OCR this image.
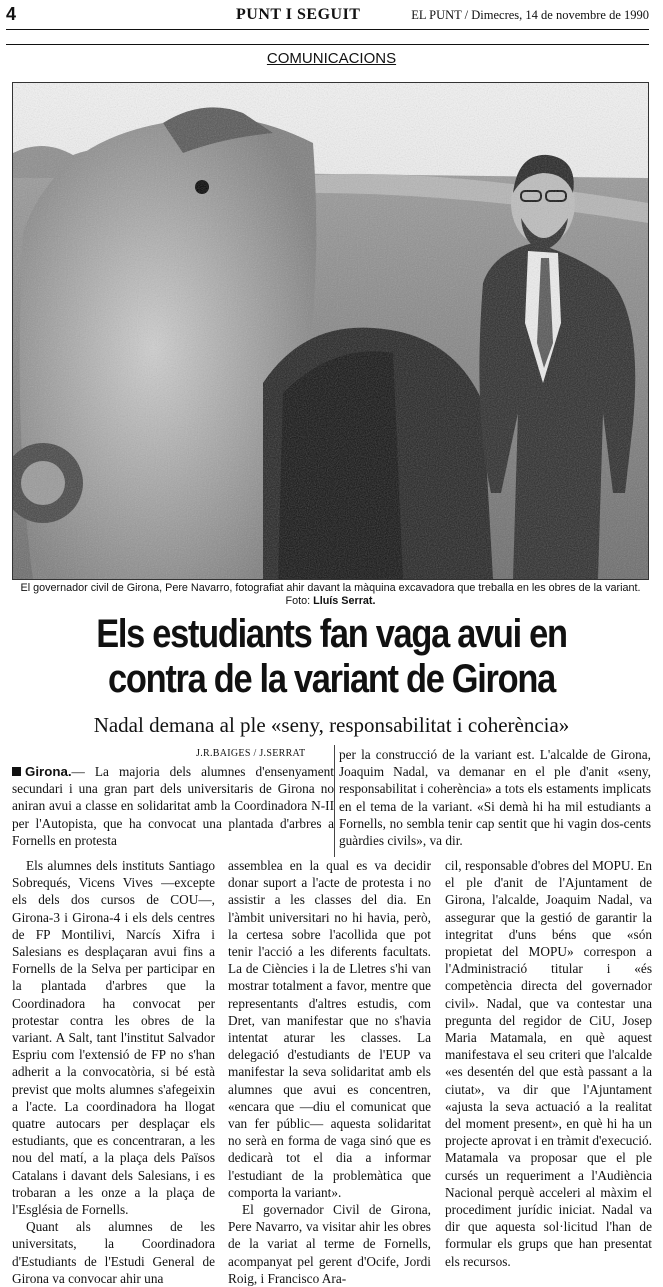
4	PUNT I SEGUIT	EL PUNT / Dimecres, 14 de novembre de 1990
COMUNICACIONS
El governador civil de Girona, Pere Navarro, fotografiat ahir davant la màquina excavadora que treballa en les obres de la variant. Foto: Lluís Serrat.
Els estudiants fan vaga avui en
contra de la variant de Girona
Nadal demana al ple «seny, responsabilitat i coherència»
J.R.BAIGES / J.SERRAT

Girona.— La majoria dels alumnes d'ensenyament secundari i una gran part dels universitaris de Girona no aniran avui a classe en solidaritat amb la Coordinadora N-II per l'Autopista, que ha convocat una plantada d'arbres a Fornells en protesta

per la construcció de la variant est. L'alcalde de Girona, Joaquim Nadal, va demanar en el ple d'anit «seny, responsabilitat i coherència» a tots els estaments implicats en el tema de la variant. «Si demà hi ha mil estudiants a Fornells, no sembla tenir cap sentit que hi vagin dos-cents guàrdies civils», va dir.

Els alumnes dels instituts Santiago Sobrequés, Vicens Vives —excepte els dels dos cursos de COU—, Girona-3 i Girona-4 i els dels centres de FP Montilivi, Narcís Xifra i Salesians es desplaçaran avui fins a Fornells de la Selva per participar en la plantada d'arbres que la Coordinadora ha convocat per protestar contra les obres de la variant. A Salt, tant l'institut Salvador Espriu com l'extensió de FP no s'han adherit a la convocatòria, si bé està previst que molts alumnes s'afegeixin a l'acte. La coordinadora ha llogat quatre autocars per desplaçar els estudiants, que es concentraran, a les nou del matí, a la plaça dels Països Catalans i davant dels Salesians, i es trobaran a les onze a la plaça de l'Església de Fornells.

Quant als alumnes de les universitats, la Coordinadora d'Estudiants de l'Estudi General de Girona va convocar ahir una

assemblea en la qual es va decidir donar suport a l'acte de protesta i no assistir a les classes del dia. En l'àmbit universitari no hi havia, però, la certesa sobre l'acollida que pot tenir l'acció a les diferents facultats. La de Ciències i la de Lletres s'hi van mostrar totalment a favor, mentre que representants d'altres estudis, com Dret, van manifestar que no s'havia intentat aturar les classes. La delegació d'estudiants de l'EUP va manifestar la seva solidaritat amb els alumnes que avui es concentren, «encara que —diu el comunicat que van fer públic— aquesta solidaritat no serà en forma de vaga sinó que es dedicarà tot el dia a informar l'estudiant de la problemàtica que comporta la variant».

El governador Civil de Girona, Pere Navarro, va visitar ahir les obres de la variat al terme de Fornells, acompanyat pel gerent d'Ocife, Jordi Roig, i Francisco Ara-

cil, responsable d'obres del MOPU. En el ple d'anit de l'Ajuntament de Girona, l'alcalde, Joaquim Nadal, va assegurar que la gestió de garantir la integritat d'uns béns que «són propietat del MOPU» correspon a l'Administració titular i «és competència directa del governador civil». Nadal, que va contestar una pregunta del regidor de CiU, Josep Maria Matamala, en què aquest manifestava el seu criteri que l'alcalde «es desentén del que està passant a la ciutat», va dir que l'Ajuntament «ajusta la seva actuació a la realitat del moment present», en què hi ha un projecte aprovat i en tràmit d'execució. Matamala va proposar que el ple cursés un requeriment a l'Audiència Nacional perquè acceleri al màxim el procediment jurídic iniciat. Nadal va dir que aquesta sol·licitud l'han de formular els grups que han presentat els recursos.
